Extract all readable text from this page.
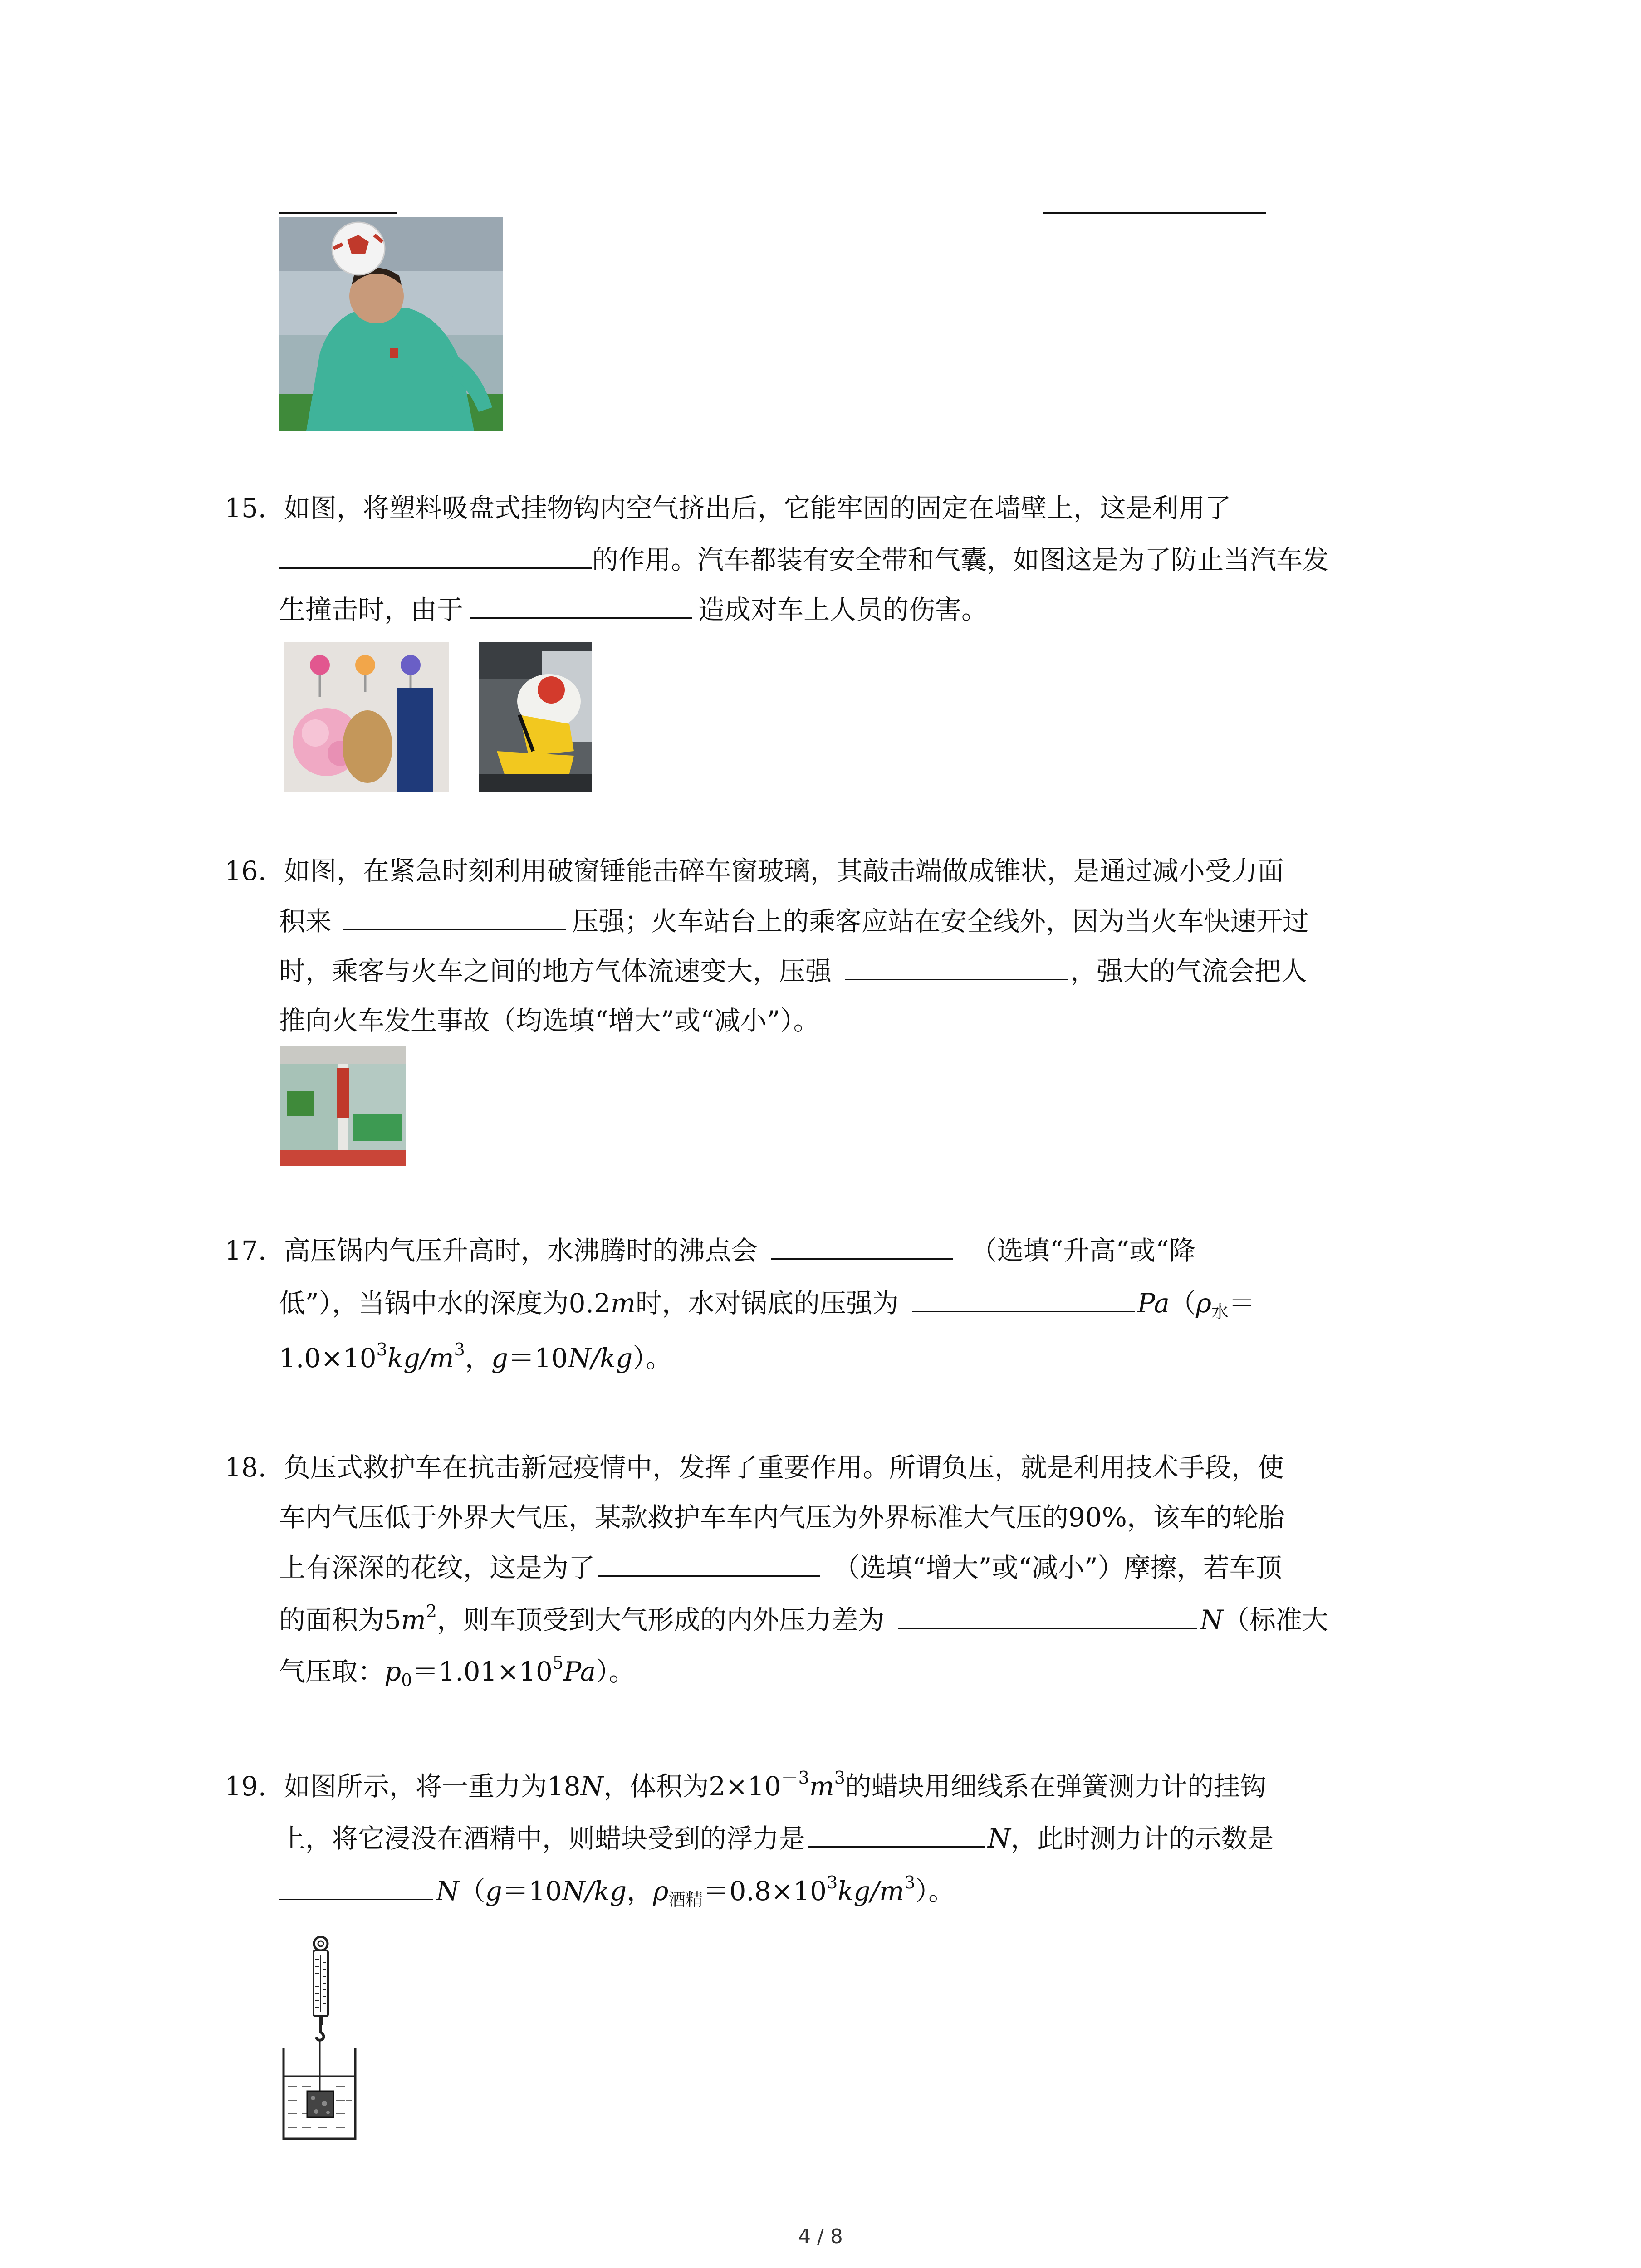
15. 如图，将塑料吸盘式挂物钩内空气挤出后，它能牢固的固定在墙壁上，这是利用了
的作用。汽车都装有安全带和气囊，如图这是为了防止当汽车发
生撞击时，由于	造成对车上人员的伤害。
16. 如图，在紧急时刻利用破窗锤能击碎车窗玻璃，其敲击端做成锥状，是通过减小受力面
积来	压强；火车站台上的乘客应站在安全线外，因为当火车快速开过
时，乘客与火车之间的地方气体流速变大，压强	，强大的气流会把人
推向火车发生事故（均选填“增大”或“减小”）。
17. 高压锅内气压升高时，水沸腾时的沸点会	（选填“升高“或“降
低”），当锅中水的深度为0.2m时，水对锅底的压强为	$Pa(\rho_水=$
$1.0\times 10^3kg/m^3$，g＝10N/kg）。
18. 负压式救护车在抗击新冠疫情中，发挥了重要作用。所谓负压，就是利用技术手段，使
车内气压低于外界大气压，某款救护车车内气压为外界标准大气压的90%，该车的轮胎
上有深深的花纹，这是为了	（选填“增大”或“减小”）摩擦，若车顶
的面积为$5m^2$，则车顶受到大气形成的内外压力差为	N（标准大
气压取：$p_0=1.01\times 10^5Pa$）。
19. 如图所示，将一重力为18N，体积为$2\times 10^{-3}m^3$的蜡块用细线系在弹簧测力计的挂钩
上，将它浸没在酒精中，则蜡块受到的浮力是	N，此时测力计的示数是
N（g＝10N/kg，$\rho_{酒精}=0.8\times 10^3kg/m^3$）。
4 / 8
